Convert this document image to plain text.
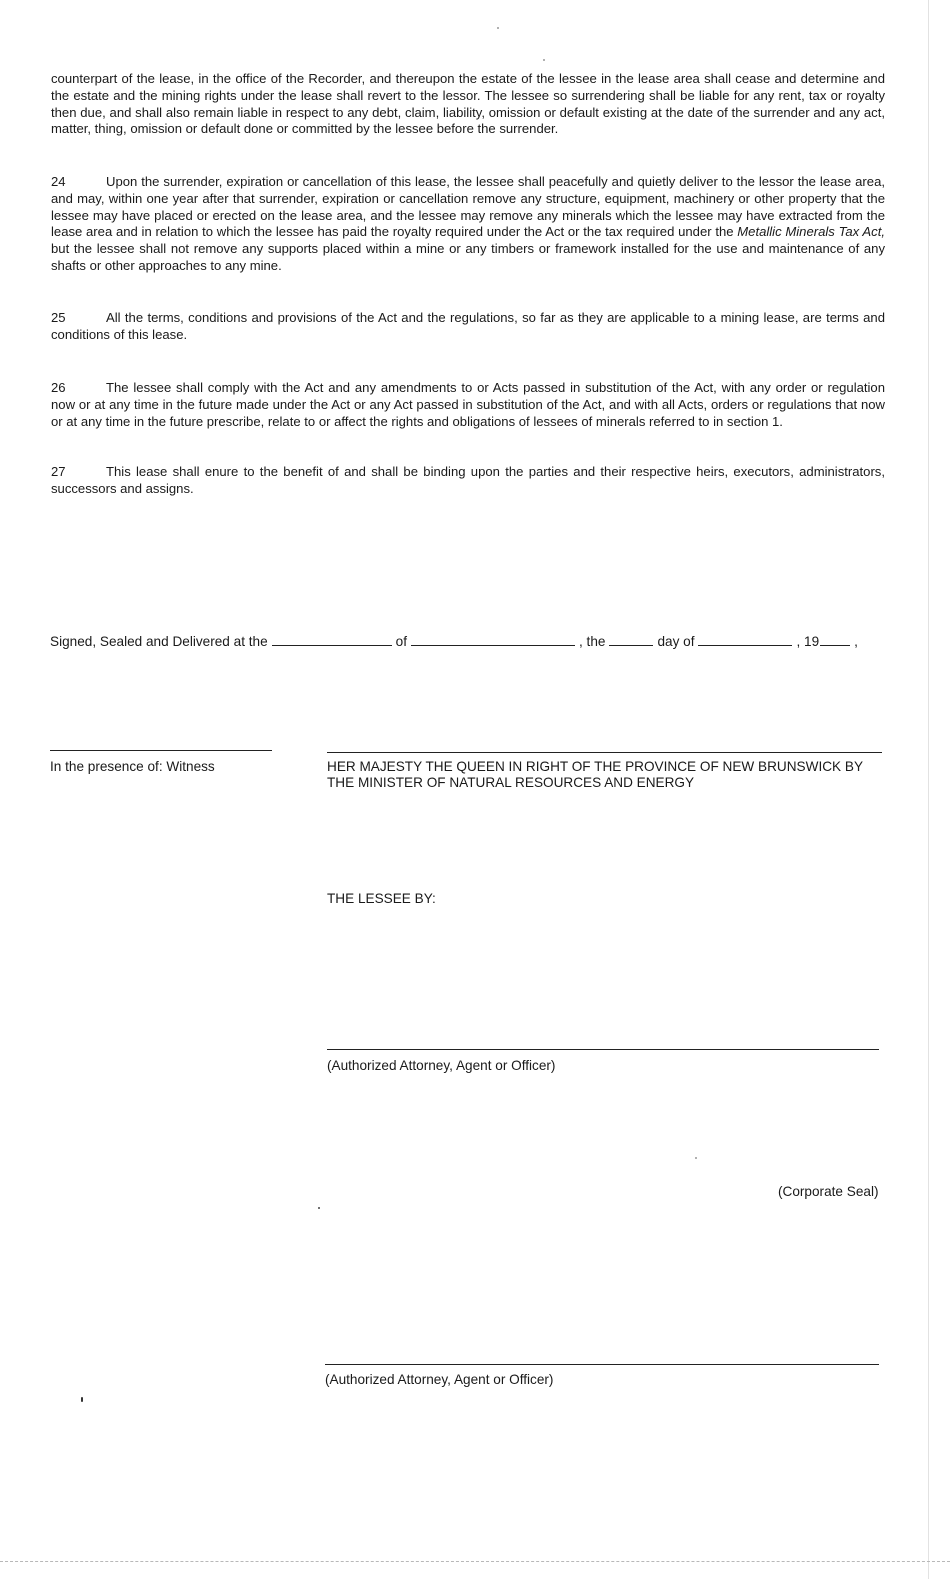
counterpart of the lease, in the office of the Recorder, and thereupon the estate of the lessee in the lease area shall cease and determine and the estate and the mining rights under the lease shall revert to the lessor. The lessee so surrendering shall be liable for any rent, tax or royalty then due, and shall also remain liable in respect to any debt, claim, liability, omission or default existing at the date of the surrender and any act, matter, thing, omission or default done or committed by the lessee before the surrender.

24	Upon the surrender, expiration or cancellation of this lease, the lessee shall peacefully and quietly deliver to the lessor the lease area, and may, within one year after that surrender, expiration or cancellation remove any structure, equipment, machinery or other property that the lessee may have placed or erected on the lease area, and the lessee may remove any minerals which the lessee may have extracted from the lease area and in relation to which the lessee has paid the royalty required under the Act or the tax required under the Metallic Minerals Tax Act, but the lessee shall not remove any supports placed within a mine or any timbers or framework installed for the use and maintenance of any shafts or other approaches to any mine.

25	All the terms, conditions and provisions of the Act and the regulations, so far as they are applicable to a mining lease, are terms and conditions of this lease.

26	The lessee shall comply with the Act and any amendments to or Acts passed in substitution of the Act, with any order or regulation now or at any time in the future made under the Act or any Act passed in substitution of the Act, and with all Acts, orders or regulations that now or at any time in the future prescribe, relate to or affect the rights and obligations of lessees of minerals referred to in section 1.

27	This lease shall enure to the benefit of and shall be binding upon the parties and their respective heirs, executors, administrators, successors and assigns.

Signed, Sealed and Delivered at the	of	, the	day of	, 19	,
In the presence of: Witness	HER MAJESTY THE QUEEN IN RIGHT OF THE PROVINCE OF NEW BRUNSWICK BY THE MINISTER OF NATURAL RESOURCES AND ENERGY
THE LESSEE BY:
(Authorized Attorney, Agent or Officer)
(Corporate Seal)
(Authorized Attorney, Agent or Officer)
